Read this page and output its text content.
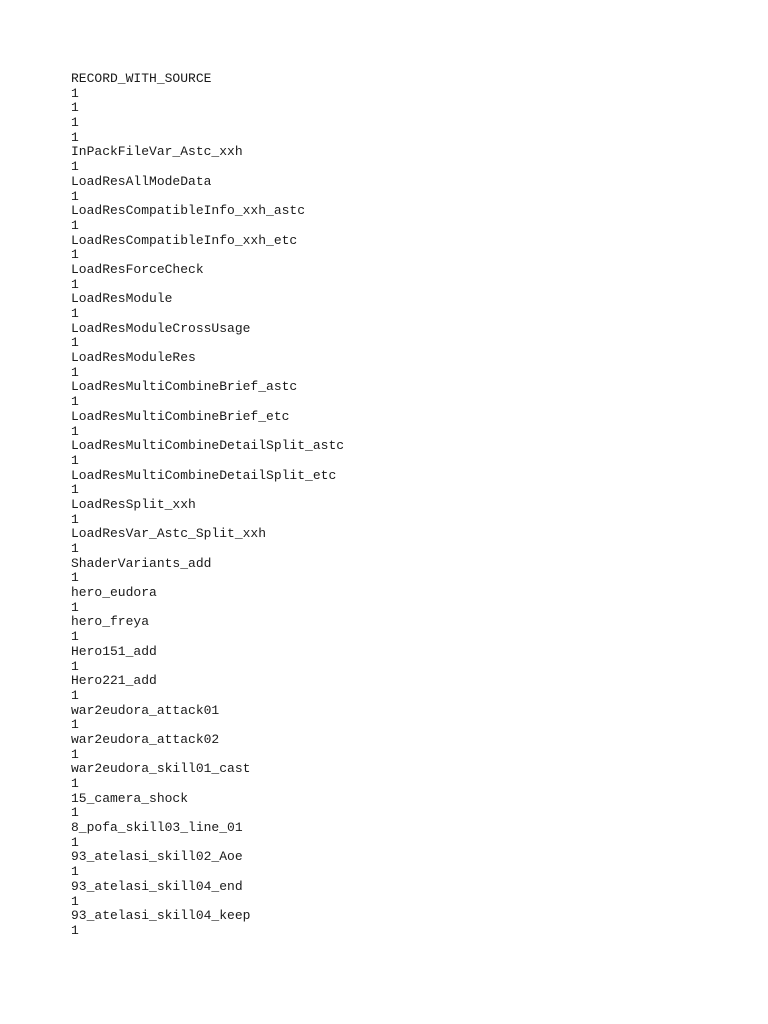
RECORD_WITH_SOURCE
1
1
1
1
InPackFileVar_Astc_xxh
1
LoadResAllModeData
1
LoadResCompatibleInfo_xxh_astc
1
LoadResCompatibleInfo_xxh_etc
1
LoadResForceCheck
1
LoadResModule
1
LoadResModuleCrossUsage
1
LoadResModuleRes
1
LoadResMultiCombineBrief_astc
1
LoadResMultiCombineBrief_etc
1
LoadResMultiCombineDetailSplit_astc
1
LoadResMultiCombineDetailSplit_etc
1
LoadResSplit_xxh
1
LoadResVar_Astc_Split_xxh
1
ShaderVariants_add
1
hero_eudora
1
hero_freya
1
Hero151_add
1
Hero221_add
1
war2eudora_attack01
1
war2eudora_attack02
1
war2eudora_skill01_cast
1
15_camera_shock
1
8_pofa_skill03_line_01
1
93_atelasi_skill02_Aoe
1
93_atelasi_skill04_end
1
93_atelasi_skill04_keep
1
